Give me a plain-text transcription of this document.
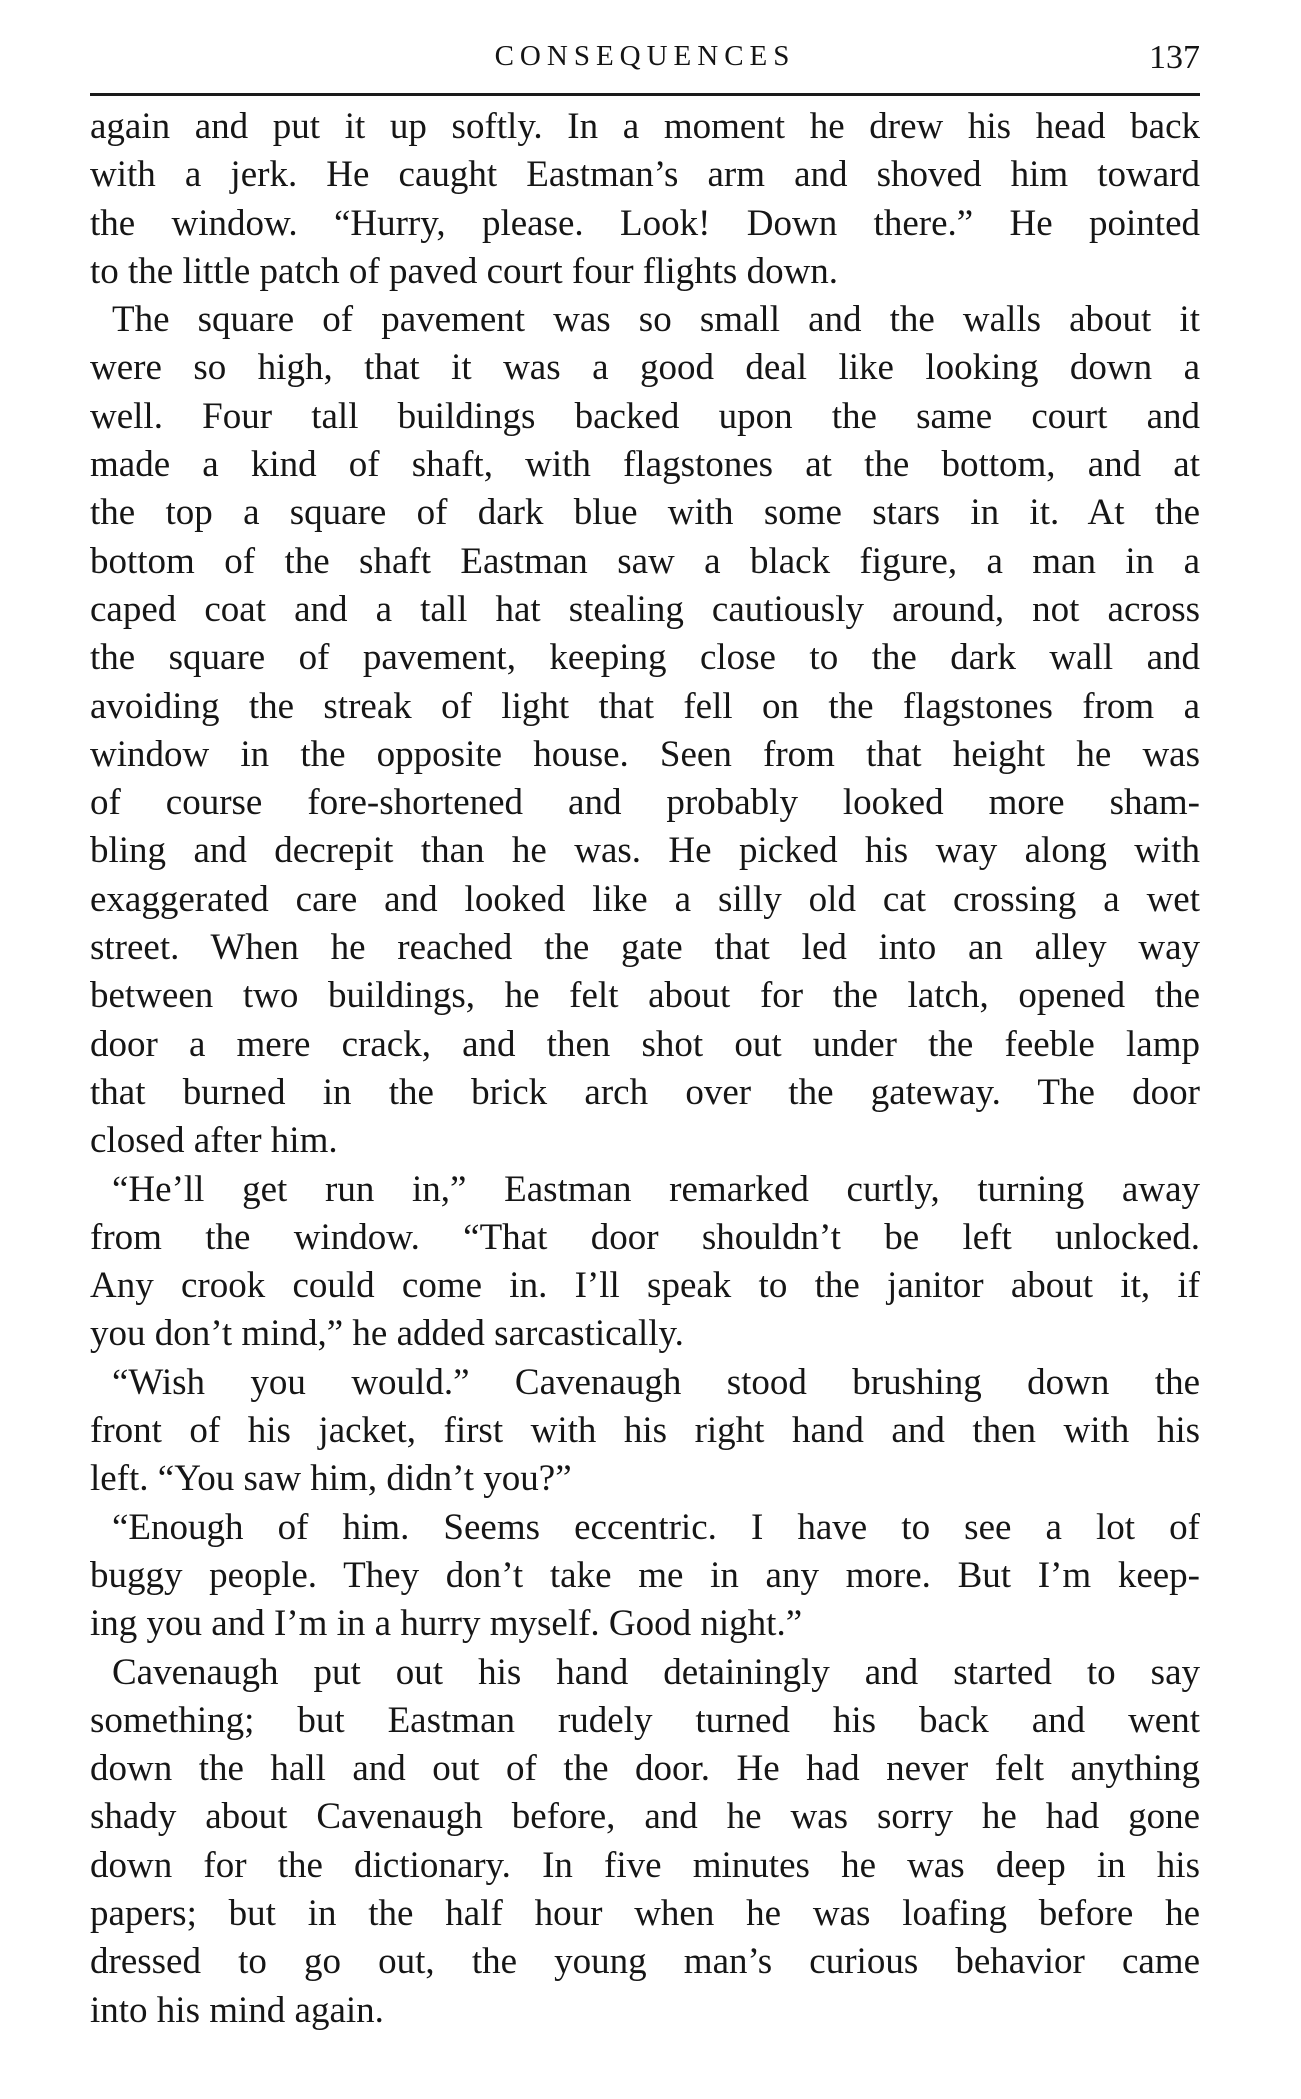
CONSEQUENCES	137
again and put it up softly. In a moment he drew his head back
with a jerk. He caught Eastman’s arm and shoved him toward
the window. “Hurry, please. Look! Down there.” He pointed
to the little patch of paved court four flights down.
The square of pavement was so small and the walls about it
were so high, that it was a good deal like looking down a
well. Four tall buildings backed upon the same court and
made a kind of shaft, with flagstones at the bottom, and at
the top a square of dark blue with some stars in it. At the
bottom of the shaft Eastman saw a black figure, a man in a
caped coat and a tall hat stealing cautiously around, not across
the square of pavement, keeping close to the dark wall and
avoiding the streak of light that fell on the flagstones from a
window in the opposite house. Seen from that height he was
of course fore-shortened and probably looked more sham-
bling and decrepit than he was. He picked his way along with
exaggerated care and looked like a silly old cat crossing a wet
street. When he reached the gate that led into an alley way
between two buildings, he felt about for the latch, opened the
door a mere crack, and then shot out under the feeble lamp
that burned in the brick arch over the gateway. The door
closed after him.
“He’ll get run in,” Eastman remarked curtly, turning away
from the window. “That door shouldn’t be left unlocked.
Any crook could come in. I’ll speak to the janitor about it, if
you don’t mind,” he added sarcastically.
“Wish you would.” Cavenaugh stood brushing down the
front of his jacket, first with his right hand and then with his
left. “You saw him, didn’t you?”
“Enough of him. Seems eccentric. I have to see a lot of
buggy people. They don’t take me in any more. But I’m keep-
ing you and I’m in a hurry myself. Good night.”
Cavenaugh put out his hand detainingly and started to say
something; but Eastman rudely turned his back and went
down the hall and out of the door. He had never felt anything
shady about Cavenaugh before, and he was sorry he had gone
down for the dictionary. In five minutes he was deep in his
papers; but in the half hour when he was loafing before he
dressed to go out, the young man’s curious behavior came
into his mind again.
